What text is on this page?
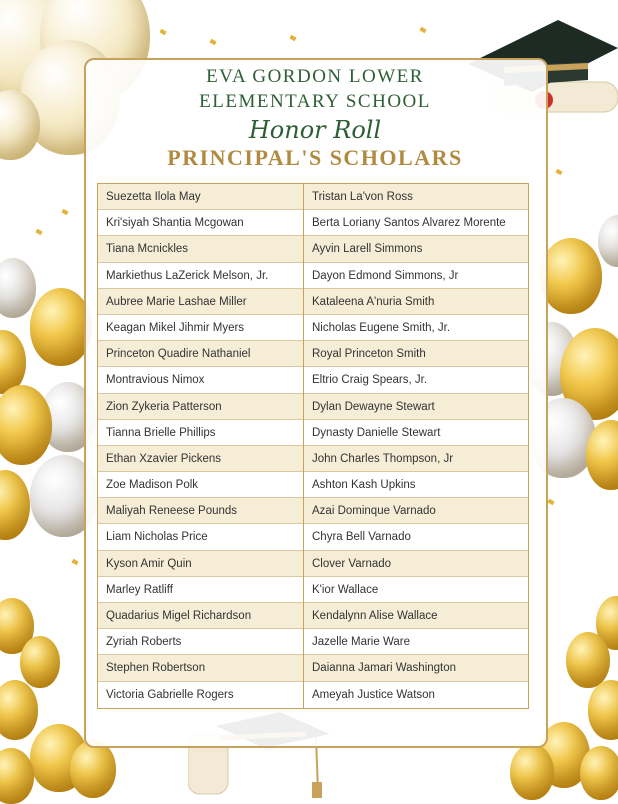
EVA GORDON LOWER
ELEMENTARY SCHOOL
Honor Roll
PRINCIPAL'S SCHOLARS
Suezetta Ilola May
Kri'siyah Shantia Mcgowan
Tiana Mcnickles
Markiethus LaZerick Melson, Jr.
Aubree Marie Lashae Miller
Keagan Mikel Jihmir Myers
Princeton Quadire Nathaniel
Montravious Nimox
Zion Zykeria Patterson
Tianna Brielle Phillips
Ethan Xzavier Pickens
Zoe Madison Polk
Maliyah Reneese Pounds
Liam Nicholas Price
Kyson Amir Quin
Marley Ratliff
Quadarius Migel Richardson
Zyriah Roberts
Stephen Robertson
Victoria Gabrielle Rogers
Tristan La'von Ross
Berta Loriany Santos Alvarez Morente
Ayvin Larell Simmons
Dayon Edmond Simmons, Jr
Kataleena A'nuria Smith
Nicholas Eugene Smith, Jr.
Royal Princeton Smith
Eltrio Craig Spears, Jr.
Dylan Dewayne Stewart
Dynasty Danielle Stewart
John Charles Thompson, Jr
Ashton Kash Upkins
Azai Dominque Varnado
Chyra Bell Varnado
Clover Varnado
K'ior Wallace
Kendalynn Alise Wallace
Jazelle Marie Ware
Daianna Jamari Washington
Ameyah Justice Watson
